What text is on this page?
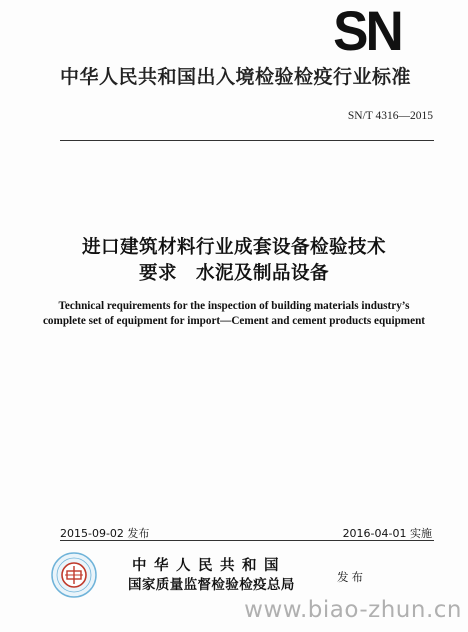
SN
中华人民共和国出入境检验检疫行业标准
SN/T 4316—2015
进口建筑材料行业成套设备检验技术
要求　水泥及制品设备
Technical requirements for the inspection of building materials industry’s
complete set of equipment for import—Cement and cement products equipment
2015-09-02 发布	2016-04-01 实施
中华人民共和国
国家质量监督检验检疫总局	发布
www.biao-zhun.cn
